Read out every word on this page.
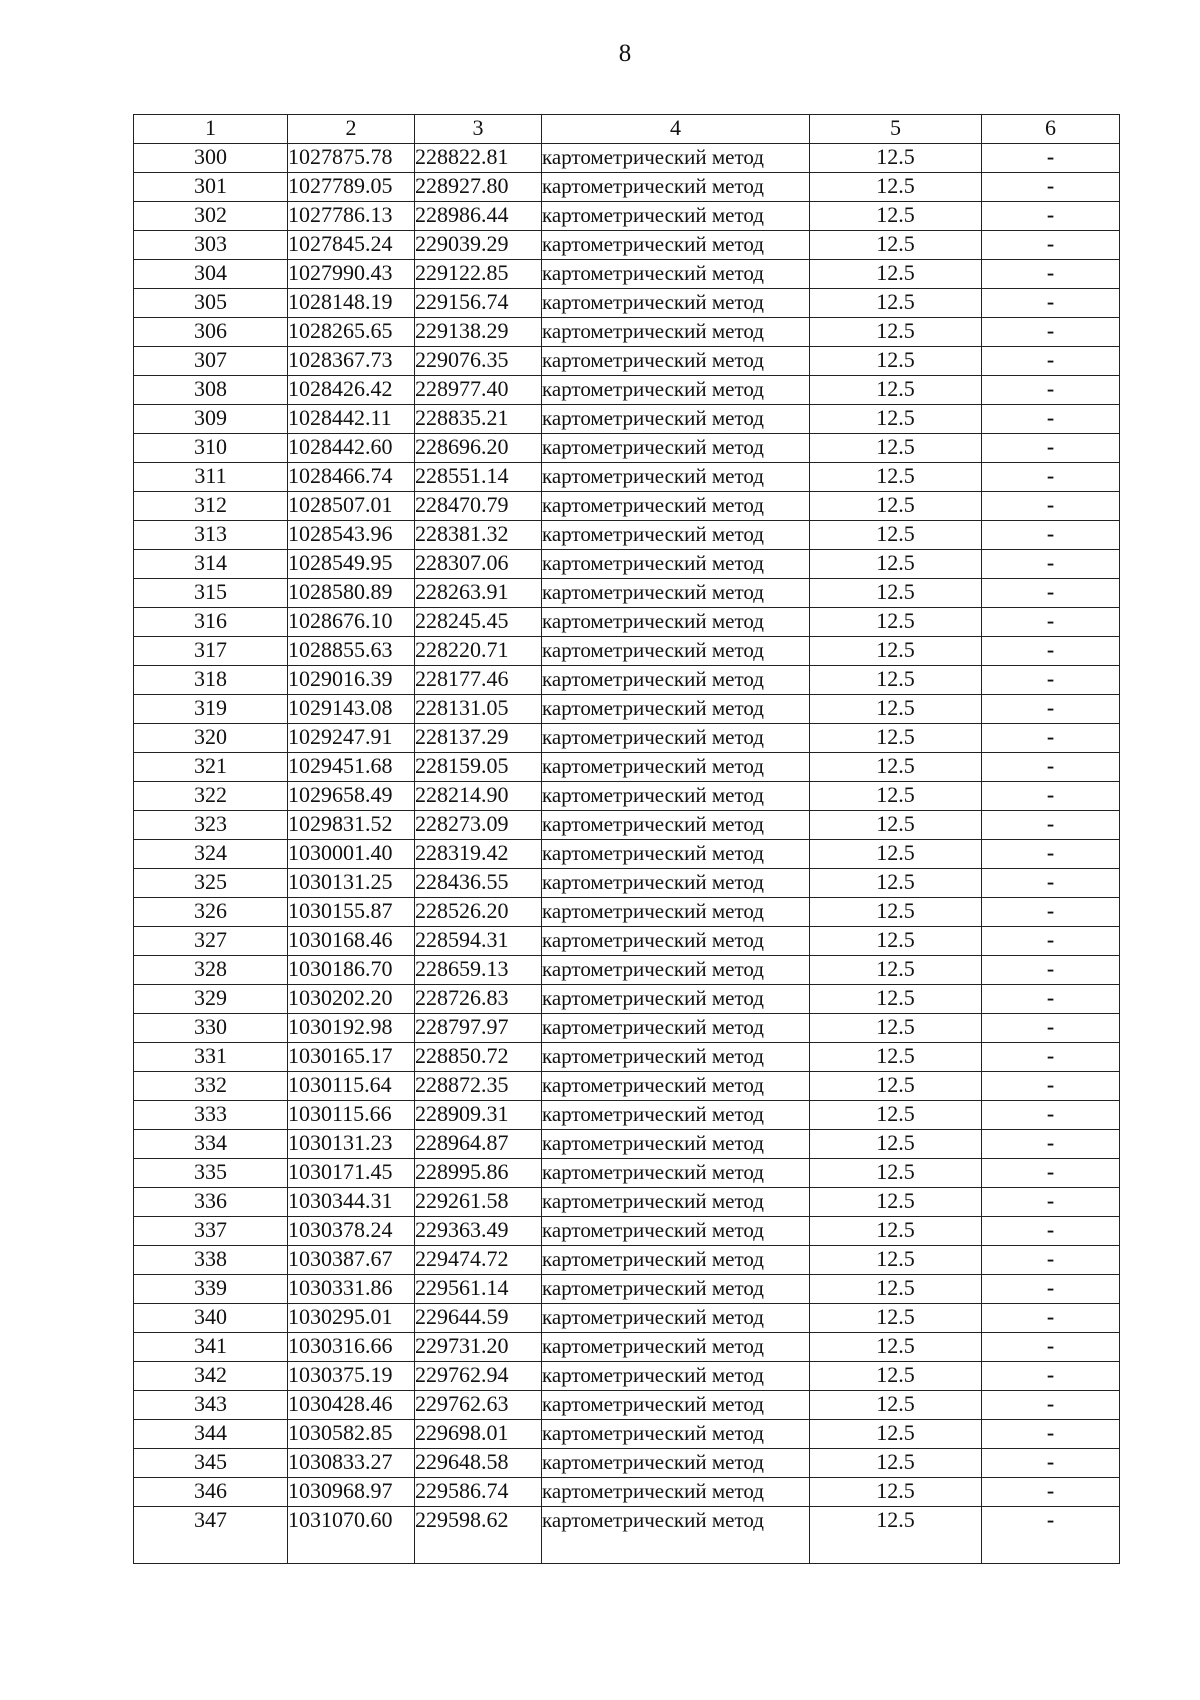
8
1	2	3	4	5	6
300	1027875.78	228822.81	картометрический метод	12.5	-
301	1027789.05	228927.80	картометрический метод	12.5	-
302	1027786.13	228986.44	картометрический метод	12.5	-
303	1027845.24	229039.29	картометрический метод	12.5	-
304	1027990.43	229122.85	картометрический метод	12.5	-
305	1028148.19	229156.74	картометрический метод	12.5	-
306	1028265.65	229138.29	картометрический метод	12.5	-
307	1028367.73	229076.35	картометрический метод	12.5	-
308	1028426.42	228977.40	картометрический метод	12.5	-
309	1028442.11	228835.21	картометрический метод	12.5	-
310	1028442.60	228696.20	картометрический метод	12.5	-
311	1028466.74	228551.14	картометрический метод	12.5	-
312	1028507.01	228470.79	картометрический метод	12.5	-
313	1028543.96	228381.32	картометрический метод	12.5	-
314	1028549.95	228307.06	картометрический метод	12.5	-
315	1028580.89	228263.91	картометрический метод	12.5	-
316	1028676.10	228245.45	картометрический метод	12.5	-
317	1028855.63	228220.71	картометрический метод	12.5	-
318	1029016.39	228177.46	картометрический метод	12.5	-
319	1029143.08	228131.05	картометрический метод	12.5	-
320	1029247.91	228137.29	картометрический метод	12.5	-
321	1029451.68	228159.05	картометрический метод	12.5	-
322	1029658.49	228214.90	картометрический метод	12.5	-
323	1029831.52	228273.09	картометрический метод	12.5	-
324	1030001.40	228319.42	картометрический метод	12.5	-
325	1030131.25	228436.55	картометрический метод	12.5	-
326	1030155.87	228526.20	картометрический метод	12.5	-
327	1030168.46	228594.31	картометрический метод	12.5	-
328	1030186.70	228659.13	картометрический метод	12.5	-
329	1030202.20	228726.83	картометрический метод	12.5	-
330	1030192.98	228797.97	картометрический метод	12.5	-
331	1030165.17	228850.72	картометрический метод	12.5	-
332	1030115.64	228872.35	картометрический метод	12.5	-
333	1030115.66	228909.31	картометрический метод	12.5	-
334	1030131.23	228964.87	картометрический метод	12.5	-
335	1030171.45	228995.86	картометрический метод	12.5	-
336	1030344.31	229261.58	картометрический метод	12.5	-
337	1030378.24	229363.49	картометрический метод	12.5	-
338	1030387.67	229474.72	картометрический метод	12.5	-
339	1030331.86	229561.14	картометрический метод	12.5	-
340	1030295.01	229644.59	картометрический метод	12.5	-
341	1030316.66	229731.20	картометрический метод	12.5	-
342	1030375.19	229762.94	картометрический метод	12.5	-
343	1030428.46	229762.63	картометрический метод	12.5	-
344	1030582.85	229698.01	картометрический метод	12.5	-
345	1030833.27	229648.58	картометрический метод	12.5	-
346	1030968.97	229586.74	картометрический метод	12.5	-
347	1031070.60	229598.62	картометрический метод	12.5	-
